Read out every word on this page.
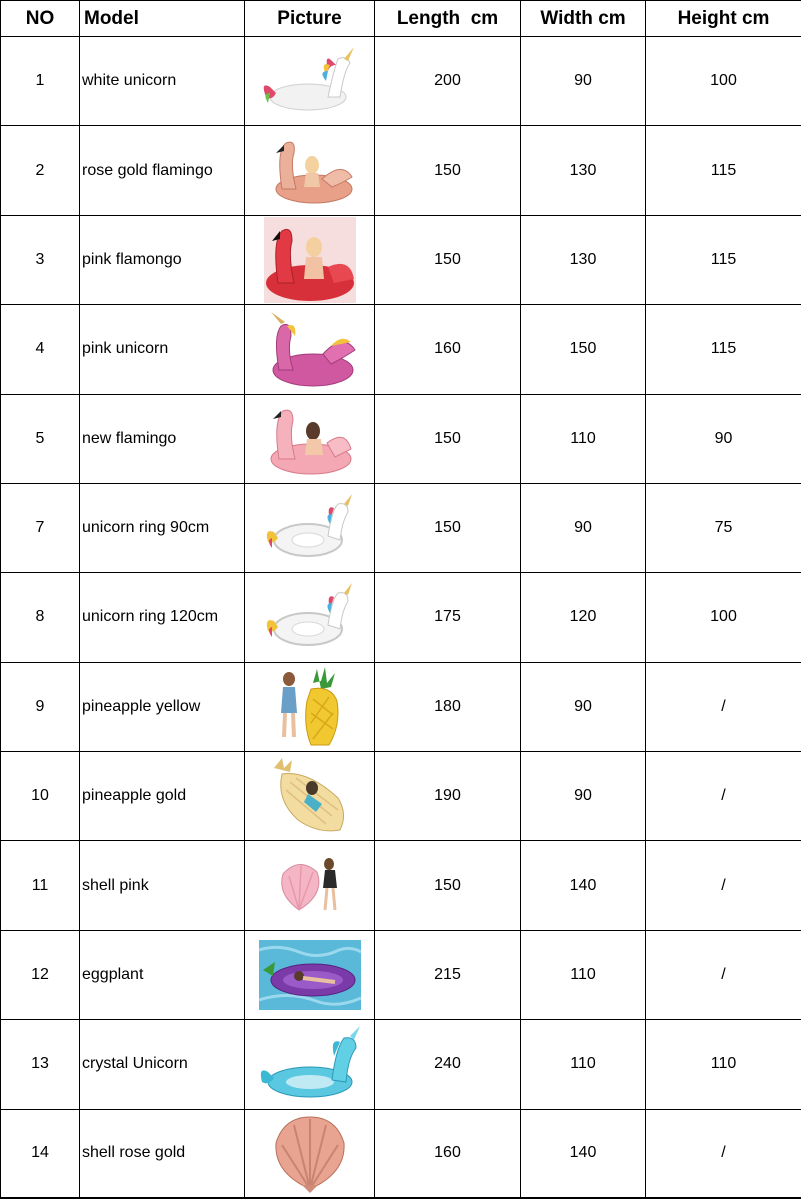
NO	Model	Picture	Length  cm	Width cm	Height cm
1	white unicorn		200	90	100
2	rose gold flamingo		150	130	115
3	pink flamongo		150	130	115
4	pink unicorn		160	150	115
5	new flamingo		150	110	90
7	unicorn ring 90cm		150	90	75
8	unicorn ring 120cm		175	120	100
9	pineapple yellow		180	90	/
10	pineapple gold		190	90	/
11	shell pink		150	140	/
12	eggplant		215	110	/
13	crystal Unicorn		240	110	110
14	shell rose gold		160	140	/
